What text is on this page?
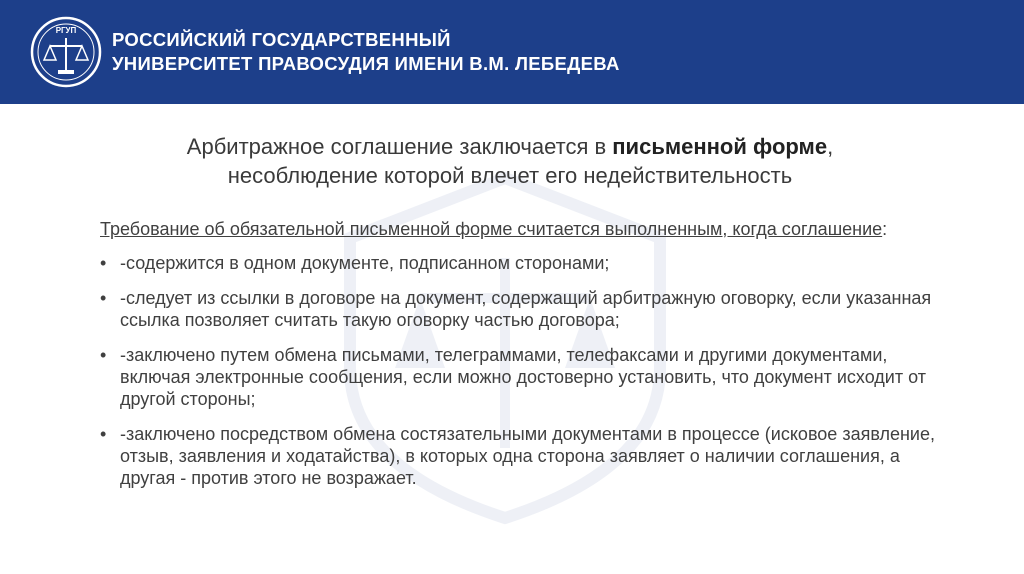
РГУП РОССИЙСКИЙ ГОСУДАРСТВЕННЫЙ
УНИВЕРСИТЕТ ПРАВОСУДИЯ ИМЕНИ В.М. ЛЕБЕДЕВА
Арбитражное соглашение заключается в письменной форме,
несоблюдение которой влечет его недействительность
Требование об обязательной письменной форме считается выполненным, когда соглашение:
• -содержится в одном документе, подписанном сторонами;
• -следует из ссылки в договоре на документ, содержащий арбитражную оговорку, если указанная ссылка позволяет считать такую оговорку частью договора;
• -заключено путем обмена письмами, телеграммами, телефаксами и другими документами, включая электронные сообщения, если можно достоверно установить, что документ исходит от другой стороны;
• -заключено посредством обмена состязательными документами в процессе (исковое заявление, отзыв, заявления и ходатайства), в которых одна сторона заявляет о наличии соглашения, а другая - против этого не возражает.
